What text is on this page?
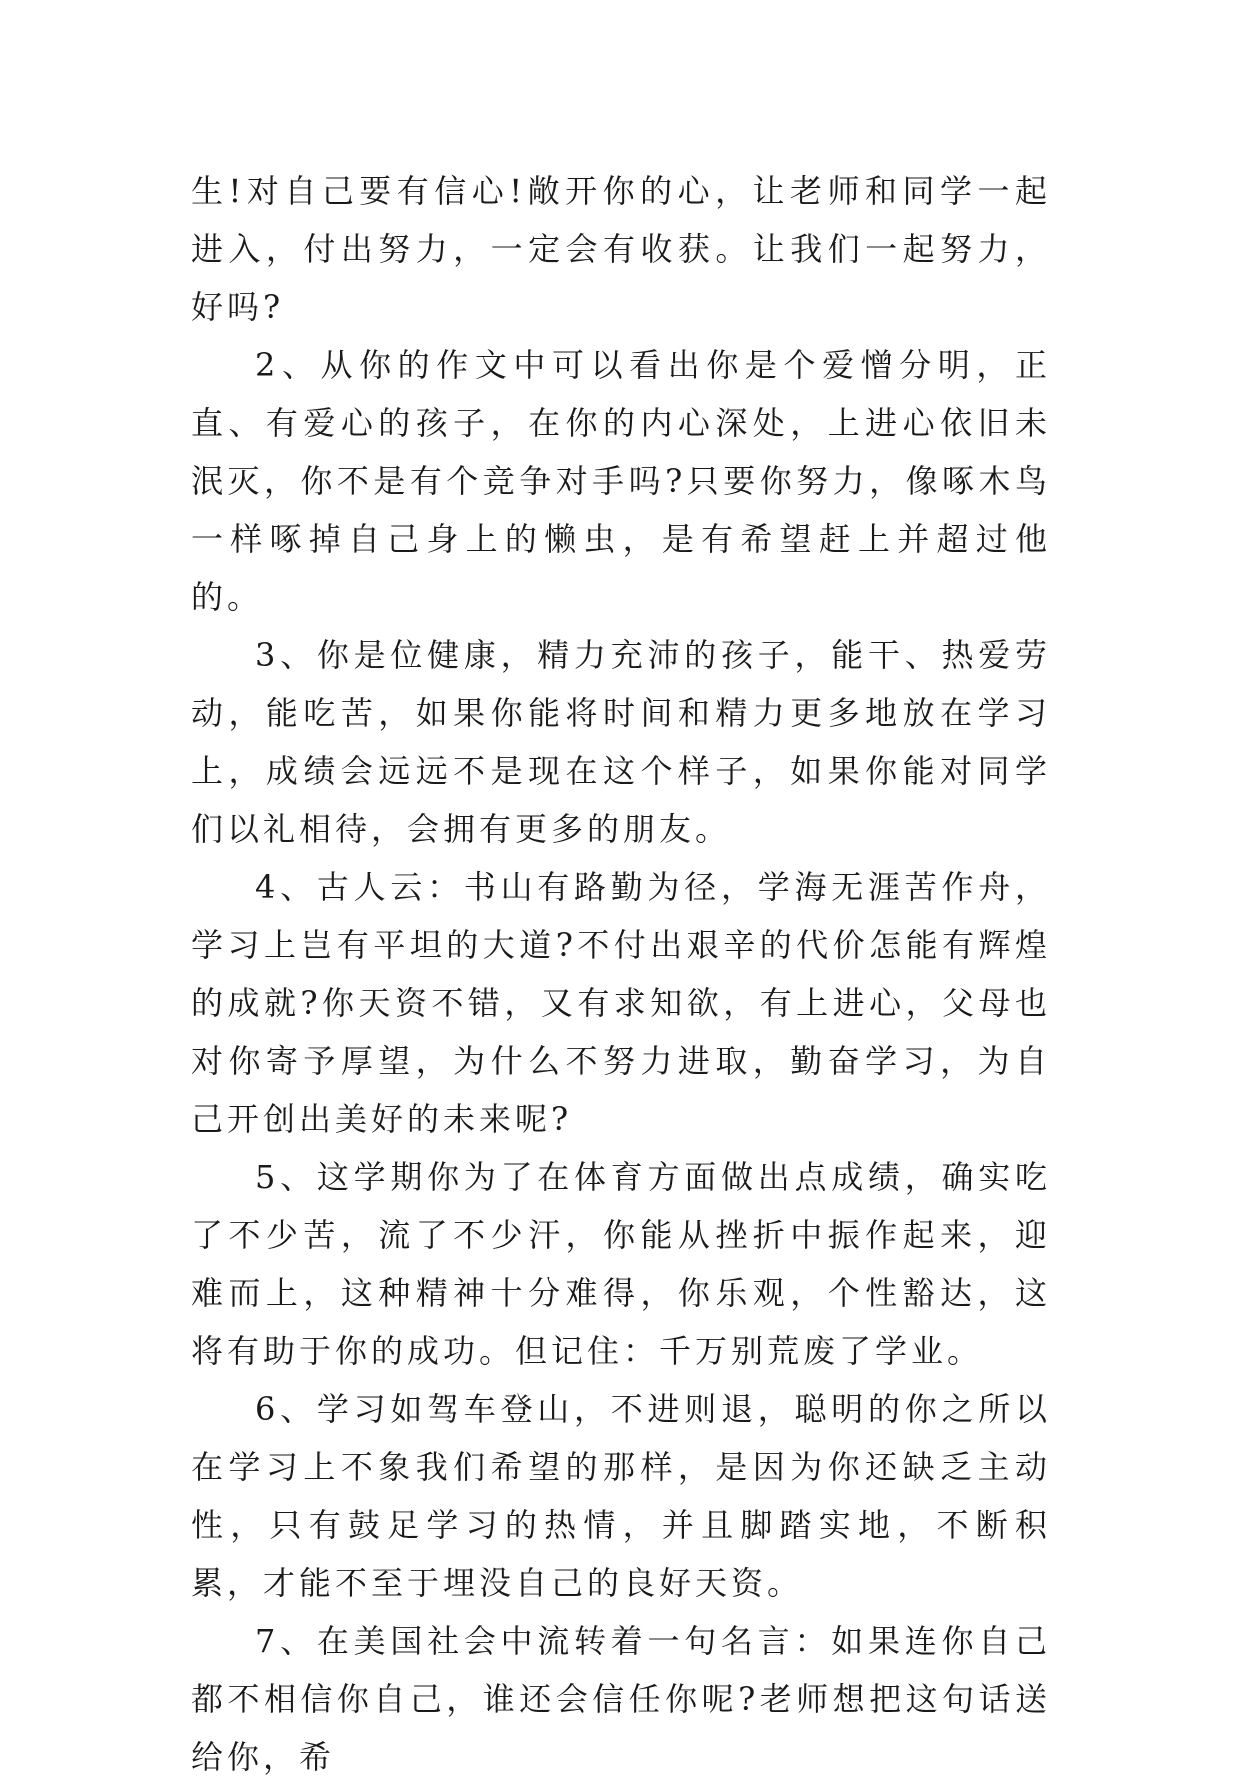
生!对自己要有信心!敞开你的心，让老师和同学一起进入，付出努力，一定会有收获。让我们一起努力，好吗?

2、从你的作文中可以看出你是个爱憎分明，正直、有爱心的孩子，在你的内心深处，上进心依旧未泯灭，你不是有个竞争对手吗?只要你努力，像啄木鸟一样啄掉自己身上的懒虫，是有希望赶上并超过他的。

3、你是位健康，精力充沛的孩子，能干、热爱劳动，能吃苦，如果你能将时间和精力更多地放在学习上，成绩会远远不是现在这个样子，如果你能对同学们以礼相待，会拥有更多的朋友。

4、古人云：书山有路勤为径，学海无涯苦作舟，学习上岂有平坦的大道?不付出艰辛的代价怎能有辉煌的成就?你天资不错，又有求知欲，有上进心，父母也对你寄予厚望，为什么不努力进取，勤奋学习，为自己开创出美好的未来呢?

5、这学期你为了在体育方面做出点成绩，确实吃了不少苦，流了不少汗，你能从挫折中振作起来，迎难而上，这种精神十分难得，你乐观，个性豁达，这将有助于你的成功。但记住：千万别荒废了学业。

6、学习如驾车登山，不进则退，聪明的你之所以在学习上不象我们希望的那样，是因为你还缺乏主动性，只有鼓足学习的热情，并且脚踏实地，不断积累，才能不至于埋没自己的良好天资。

7、在美国社会中流转着一句名言：如果连你自己都不相信你自己，谁还会信任你呢?老师想把这句话送给你，希
